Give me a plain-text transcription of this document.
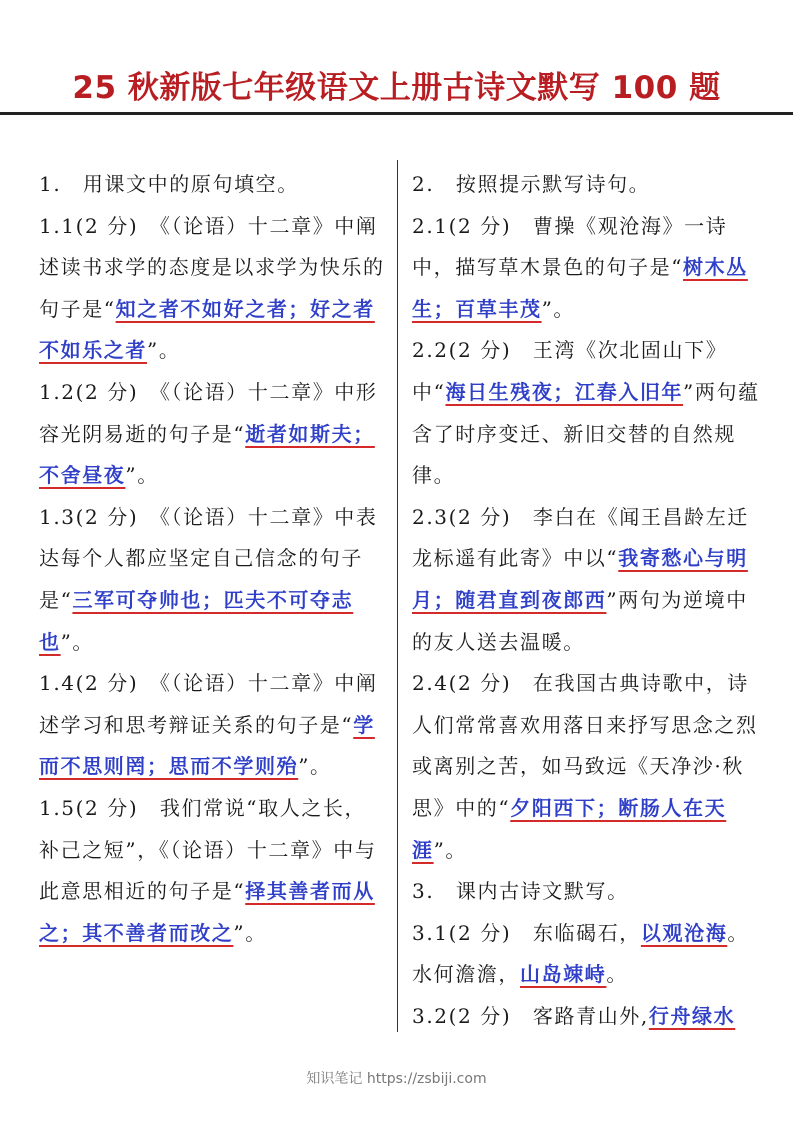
25 秋新版七年级语文上册古诗文默写 100 题

1.　用课文中的原句填空。

1.1(2 分)　《（论语）十二章》中阐述读书求学的态度是以求学为快乐的句子是“知之者不如好之者；好之者不如乐之者”。

1.2(2 分)　《（论语）十二章》中形容光阴易逝的句子是“逝者如斯夫；不舍昼夜”。

1.3(2 分)　《（论语）十二章》中表达每个人都应坚定自己信念的句子是“三军可夺帅也；匹夫不可夺志也”。

1.4(2 分)　《（论语）十二章》中阐述学习和思考辩证关系的句子是“学而不思则罔；思而不学则殆”。

1.5(2 分)　我们常说“取人之长，补己之短”，《（论语）十二章》中与此意思相近的句子是“择其善者而从之；其不善者而改之”。

2.　按照提示默写诗句。

2.1(2 分)　曹操《观沧海》一诗中，描写草木景色的句子是“树木丛生；百草丰茂”。

2.2(2 分)　王湾《次北固山下》中“海日生残夜；江春入旧年”两句蕴含了时序变迁、新旧交替的自然规律。

2.3(2 分)　李白在《闻王昌龄左迁龙标遥有此寄》中以“我寄愁心与明月；随君直到夜郎西”两句为逆境中的友人送去温暖。

2.4(2 分)　在我国古典诗歌中，诗人们常常喜欢用落日来抒写思念之烈或离别之苦，如马致远《天净沙·秋思》中的“夕阳西下；断肠人在天涯”。

3.　课内古诗文默写。

3.1(2 分)　东临碣石，以观沧海。水何澹澹，山岛竦峙。

3.2(2 分)　客路青山外,行舟绿水

知识笔记 https://zsbiji.com
